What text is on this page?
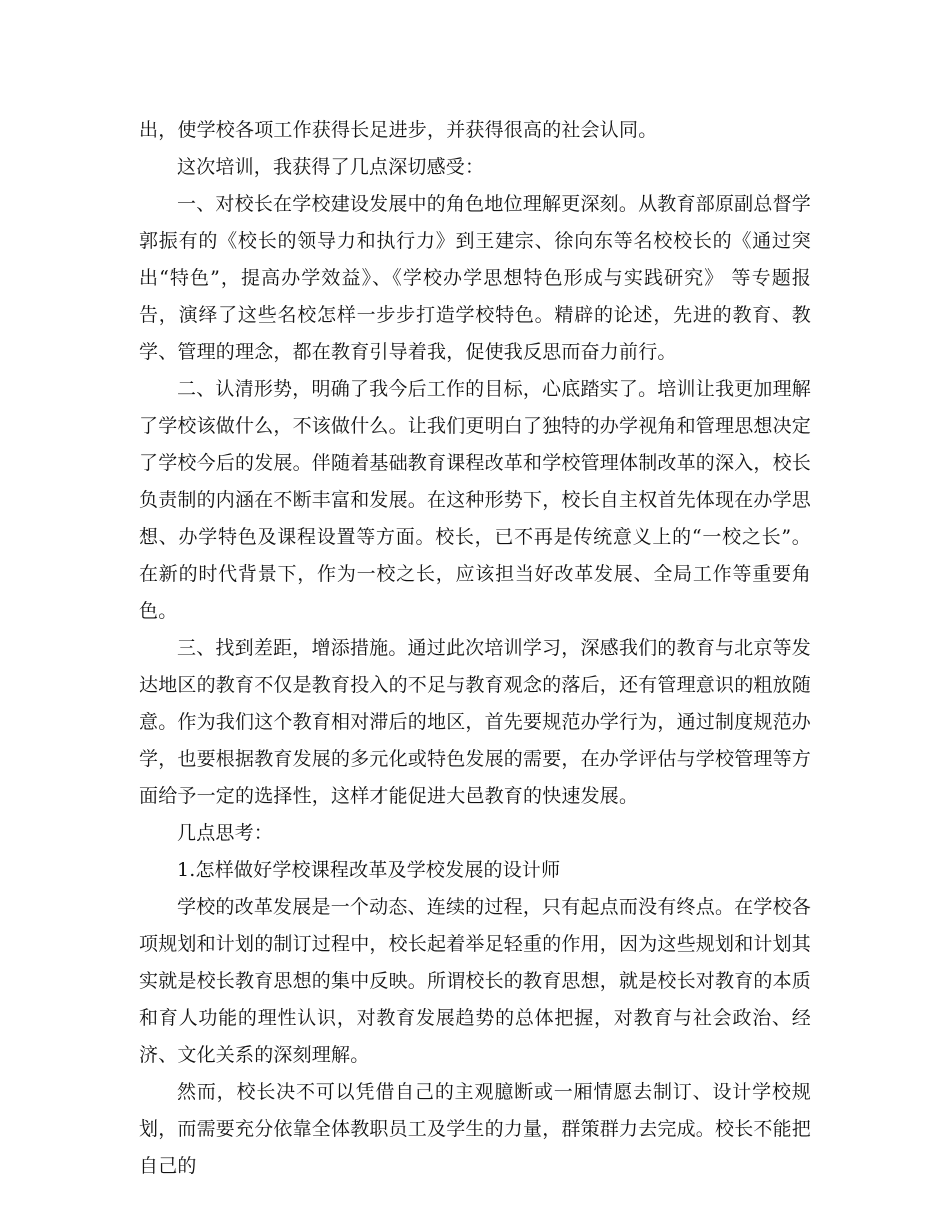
出，使学校各项工作获得长足进步，并获得很高的社会认同。

这次培训，我获得了几点深切感受：

一、对校长在学校建设发展中的角色地位理解更深刻。从教育部原副总督学郭振有的《校长的领导力和执行力》到王建宗、徐向东等名校校长的《通过突出“特色”，提高办学效益》、《学校办学思想特色形成与实践研究》 等专题报告，演绎了这些名校怎样一步步打造学校特色。精辟的论述，先进的教育、教学、管理的理念，都在教育引导着我，促使我反思而奋力前行。

二、认清形势，明确了我今后工作的目标，心底踏实了。培训让我更加理解了学校该做什么，不该做什么。让我们更明白了独特的办学视角和管理思想决定了学校今后的发展。伴随着基础教育课程改革和学校管理体制改革的深入，校长负责制的内涵在不断丰富和发展。在这种形势下，校长自主权首先体现在办学思想、办学特色及课程设置等方面。校长，已不再是传统意义上的“一校之长”。在新的时代背景下，作为一校之长，应该担当好改革发展、全局工作等重要角色。

三、找到差距，增添措施。通过此次培训学习，深感我们的教育与北京等发达地区的教育不仅是教育投入的不足与教育观念的落后，还有管理意识的粗放随意。作为我们这个教育相对滞后的地区，首先要规范办学行为，通过制度规范办学，也要根据教育发展的多元化或特色发展的需要，在办学评估与学校管理等方面给予一定的选择性，这样才能促进大邑教育的快速发展。

几点思考：

1.怎样做好学校课程改革及学校发展的设计师

学校的改革发展是一个动态、连续的过程，只有起点而没有终点。在学校各项规划和计划的制订过程中，校长起着举足轻重的作用，因为这些规划和计划其实就是校长教育思想的集中反映。所谓校长的教育思想，就是校长对教育的本质和育人功能的理性认识，对教育发展趋势的总体把握，对教育与社会政治、经济、文化关系的深刻理解。

然而，校长决不可以凭借自己的主观臆断或一厢情愿去制订、设计学校规划，而需要充分依靠全体教职员工及学生的力量，群策群力去完成。校长不能把自己的
